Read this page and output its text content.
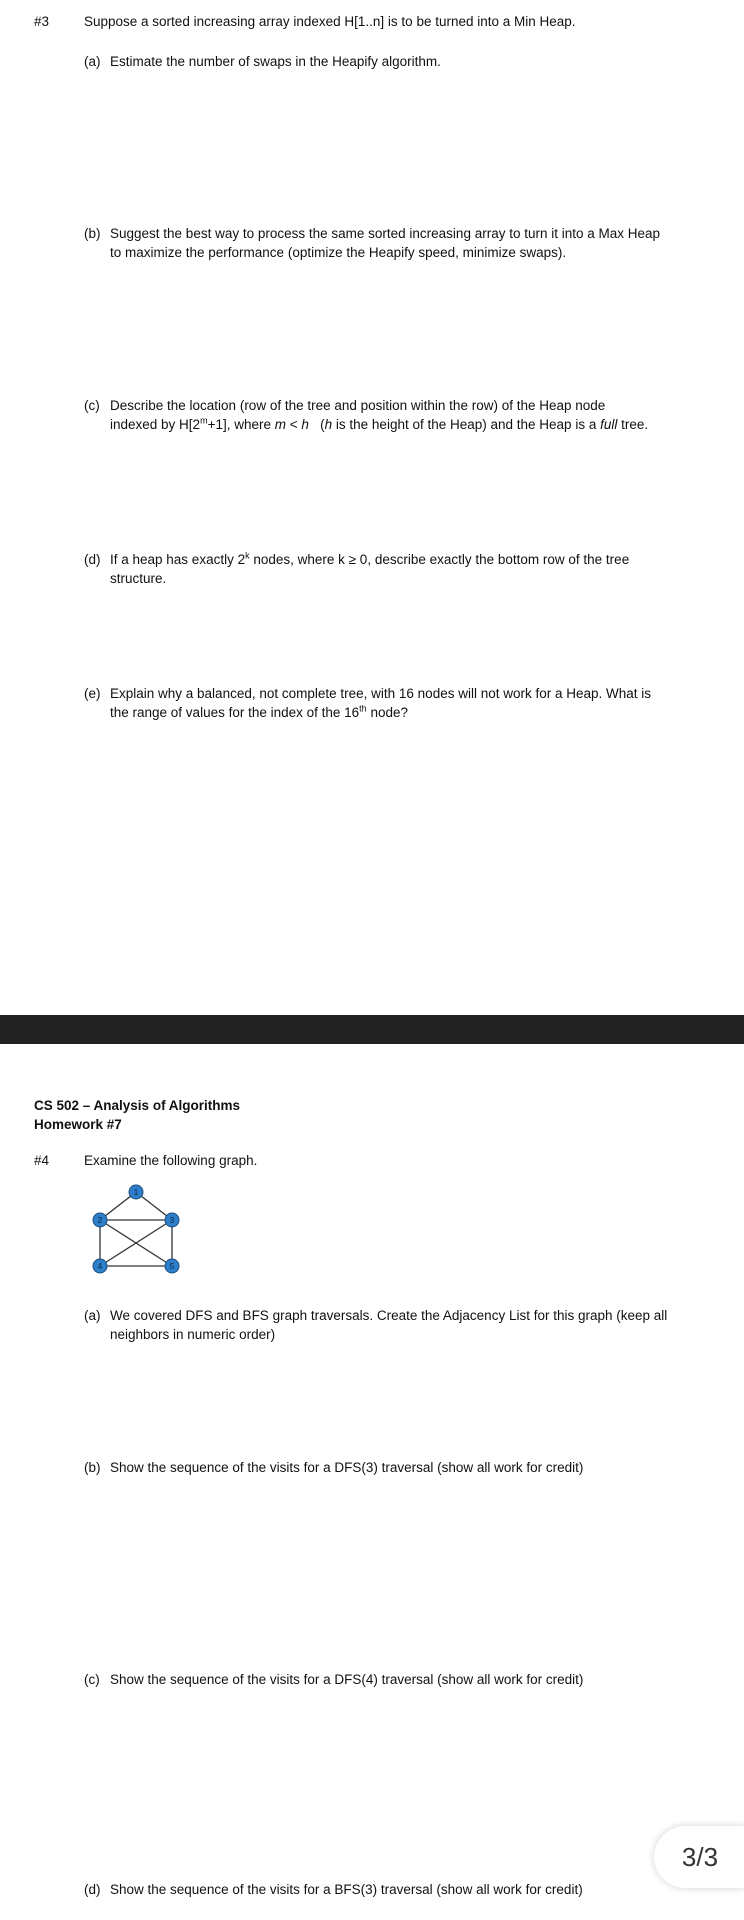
#3	Suppose a sorted increasing array indexed H[1..n] is to be turned into a Min Heap.
(a) Estimate the number of swaps in the Heapify algorithm.
(b) Suggest the best way to process the same sorted increasing array to turn it into a Max Heap
to maximize the performance (optimize the Heapify speed, minimize swaps).
(c) Describe the location (row of the tree and position within the row) of the Heap node
indexed by $H[2^m+1]$, where m < h   (h is the height of the Heap) and the Heap is a full tree.
(d) If a heap has exactly 2$^k$ nodes, where k ≥ 0, describe exactly the bottom row of the tree
structure.
(e) Explain why a balanced, not complete tree, with 16 nodes will not work for a Heap. What is
the range of values for the index of the 16th node?
CS 502 – Analysis of Algorithms
Homework #7
#4	Examine the following graph.
1
2	3
4	5
(a) We covered DFS and BFS graph traversals. Create the Adjacency List for this graph (keep all
neighbors in numeric order)
(b) Show the sequence of the visits for a DFS(3) traversal (show all work for credit)
(c) Show the sequence of the visits for a DFS(4) traversal (show all work for credit)
(d) Show the sequence of the visits for a BFS(3) traversal (show all work for credit)
3/3
